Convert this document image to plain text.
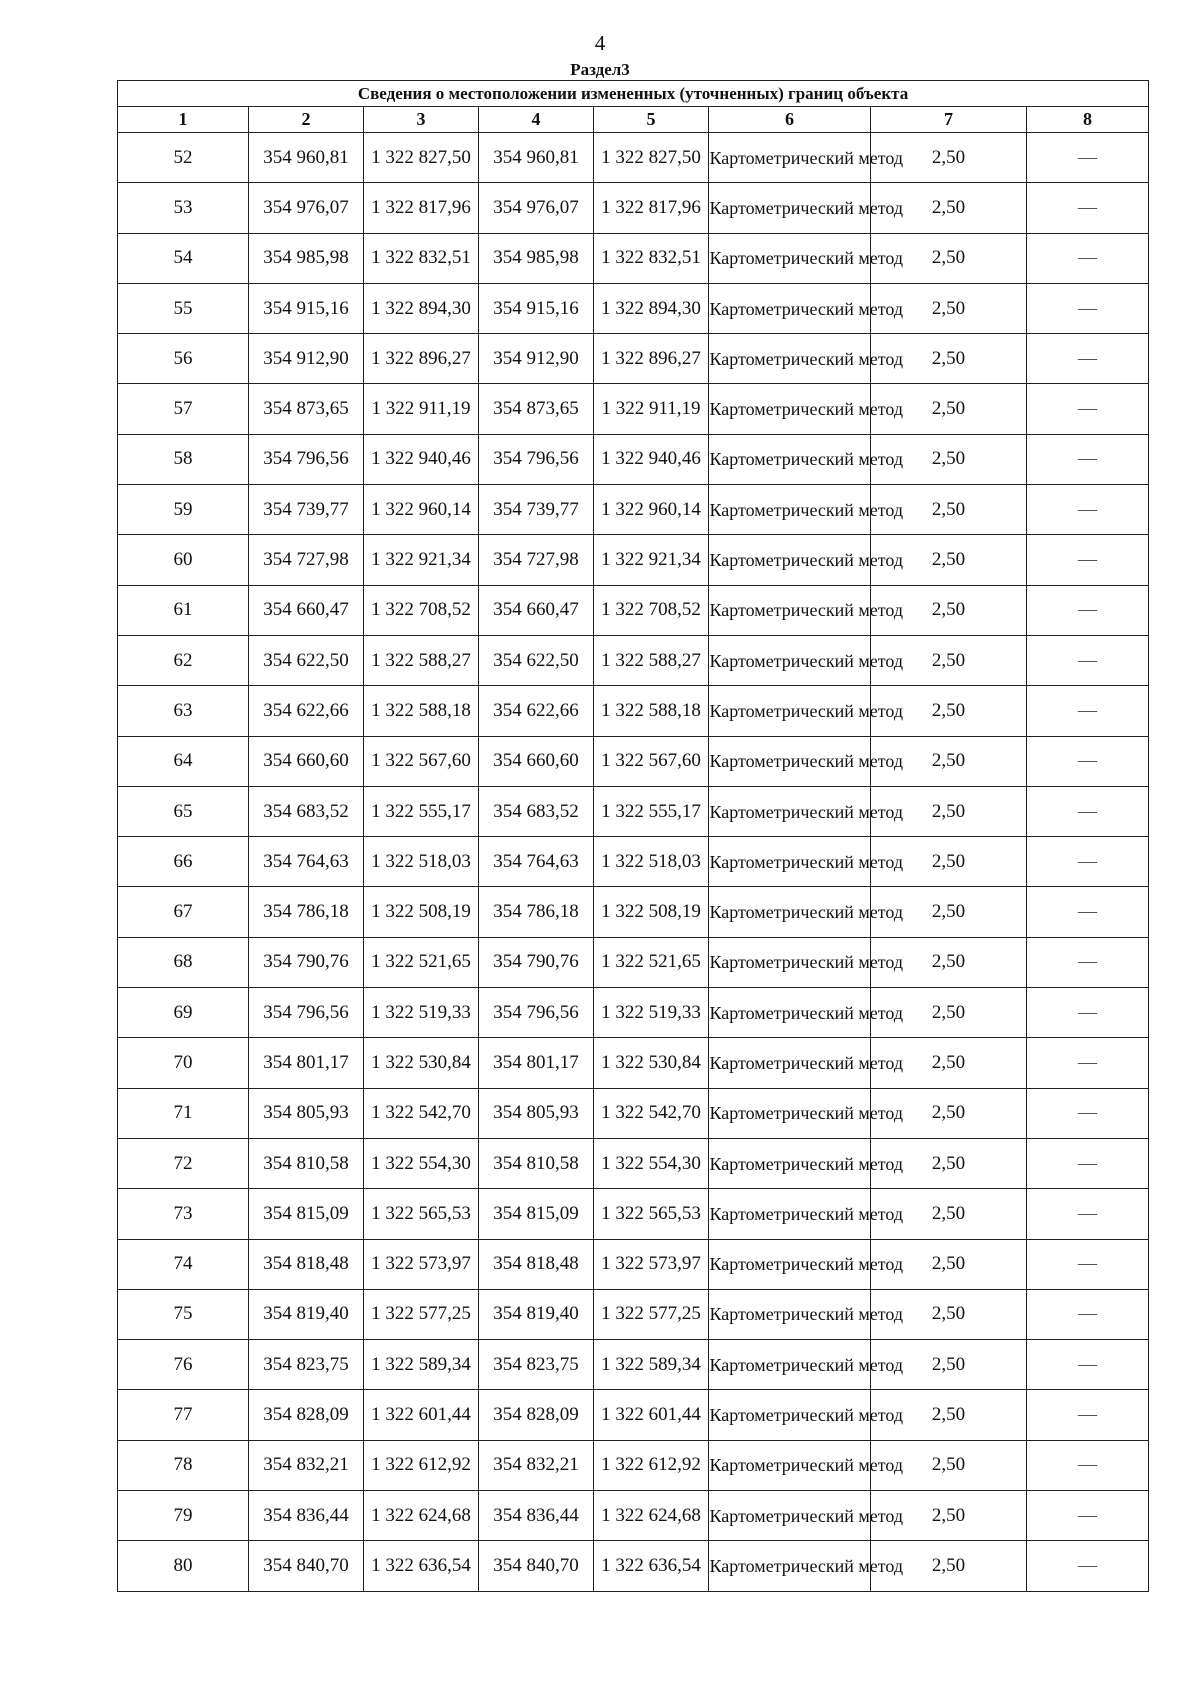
4
Раздел3
Сведения о местоположении измененных (уточненных) границ объекта							
1	2	3	4	5	6	7	8
52	354 960,81	1 322 827,50	354 960,81	1 322 827,50	Картометрический метод	2,50	—
53	354 976,07	1 322 817,96	354 976,07	1 322 817,96	Картометрический метод	2,50	—
54	354 985,98	1 322 832,51	354 985,98	1 322 832,51	Картометрический метод	2,50	—
55	354 915,16	1 322 894,30	354 915,16	1 322 894,30	Картометрический метод	2,50	—
56	354 912,90	1 322 896,27	354 912,90	1 322 896,27	Картометрический метод	2,50	—
57	354 873,65	1 322 911,19	354 873,65	1 322 911,19	Картометрический метод	2,50	—
58	354 796,56	1 322 940,46	354 796,56	1 322 940,46	Картометрический метод	2,50	—
59	354 739,77	1 322 960,14	354 739,77	1 322 960,14	Картометрический метод	2,50	—
60	354 727,98	1 322 921,34	354 727,98	1 322 921,34	Картометрический метод	2,50	—
61	354 660,47	1 322 708,52	354 660,47	1 322 708,52	Картометрический метод	2,50	—
62	354 622,50	1 322 588,27	354 622,50	1 322 588,27	Картометрический метод	2,50	—
63	354 622,66	1 322 588,18	354 622,66	1 322 588,18	Картометрический метод	2,50	—
64	354 660,60	1 322 567,60	354 660,60	1 322 567,60	Картометрический метод	2,50	—
65	354 683,52	1 322 555,17	354 683,52	1 322 555,17	Картометрический метод	2,50	—
66	354 764,63	1 322 518,03	354 764,63	1 322 518,03	Картометрический метод	2,50	—
67	354 786,18	1 322 508,19	354 786,18	1 322 508,19	Картометрический метод	2,50	—
68	354 790,76	1 322 521,65	354 790,76	1 322 521,65	Картометрический метод	2,50	—
69	354 796,56	1 322 519,33	354 796,56	1 322 519,33	Картометрический метод	2,50	—
70	354 801,17	1 322 530,84	354 801,17	1 322 530,84	Картометрический метод	2,50	—
71	354 805,93	1 322 542,70	354 805,93	1 322 542,70	Картометрический метод	2,50	—
72	354 810,58	1 322 554,30	354 810,58	1 322 554,30	Картометрический метод	2,50	—
73	354 815,09	1 322 565,53	354 815,09	1 322 565,53	Картометрический метод	2,50	—
74	354 818,48	1 322 573,97	354 818,48	1 322 573,97	Картометрический метод	2,50	—
75	354 819,40	1 322 577,25	354 819,40	1 322 577,25	Картометрический метод	2,50	—
76	354 823,75	1 322 589,34	354 823,75	1 322 589,34	Картометрический метод	2,50	—
77	354 828,09	1 322 601,44	354 828,09	1 322 601,44	Картометрический метод	2,50	—
78	354 832,21	1 322 612,92	354 832,21	1 322 612,92	Картометрический метод	2,50	—
79	354 836,44	1 322 624,68	354 836,44	1 322 624,68	Картометрический метод	2,50	—
80	354 840,70	1 322 636,54	354 840,70	1 322 636,54	Картометрический метод	2,50	—
